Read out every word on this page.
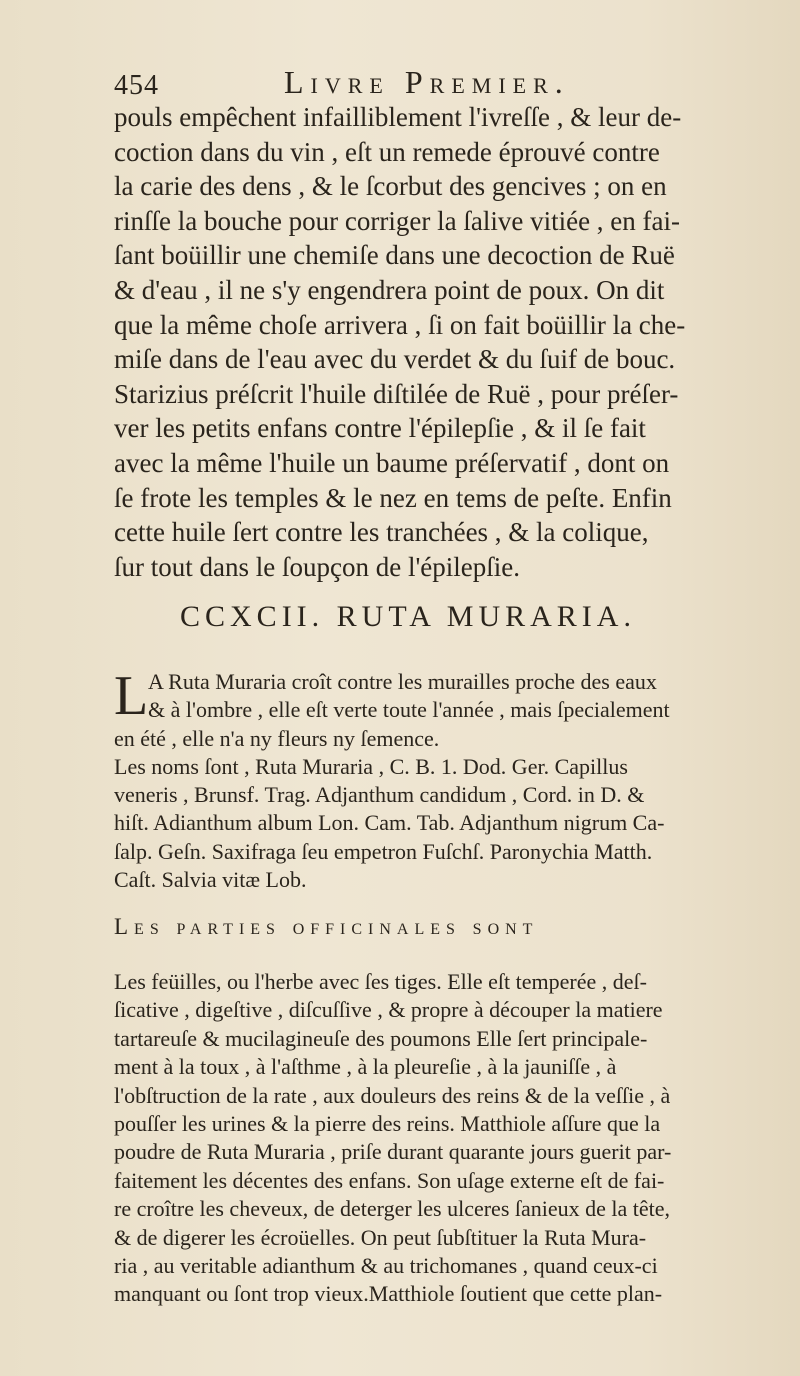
454	Livre Premier.
pouls empêchent infailliblement l'ivreſſe , & leur de-
coction dans du vin , eſt un remede éprouvé contre
la carie des dens , & le ſcorbut des gencives ; on en
rinſſe la bouche pour corriger la ſalive vitiée , en fai-
ſant boüillir une chemiſe dans une decoction de Ruë
& d'eau , il ne s'y engendrera point de poux. On dit
que la même choſe arrivera , ſi on fait boüillir la che-
miſe dans de l'eau avec du verdet & du ſuif de bouc.
Starizius préſcrit l'huile diſtilée de Ruë , pour préſer-
ver les petits enfans contre l'épilepſie , & il ſe fait
avec la même l'huile un baume préſervatif , dont on
ſe frote les temples & le nez en tems de peſte. Enfin
cette huile ſert contre les tranchées , & la colique,
ſur tout dans le ſoupçon de l'épilepſie.
CCXCII. RUTA MURARIA.
L A Ruta Muraria croît contre les murailles proche des eaux
& à l'ombre , elle eſt verte toute l'année , mais ſpecialement
en été , elle n'a ny fleurs ny ſemence.
Les noms ſont , Ruta Muraria , C. B. 1. Dod. Ger. Capillus
veneris , Brunsf. Trag. Adjanthum candidum , Cord. in D. &
hiſt. Adianthum album Lon. Cam. Tab. Adjanthum nigrum Ca-
ſalp. Geſn. Saxifraga ſeu empetron Fuſchſ. Paronychia Matth.
Caſt. Salvia vitæ Lob.
Les parties officinales sont
Les feüilles, ou l'herbe avec ſes tiges. Elle eſt temperée , deſ-
ſicative , digeſtive , diſcuſſive , & propre à découper la matiere
tartareuſe & mucilagineuſe des poumons Elle ſert principale-
ment à la toux , à l'aſthme , à la pleureſie , à la jauniſſe , à
l'obſtruction de la rate , aux douleurs des reins & de la veſſie , à
pouſſer les urines & la pierre des reins. Matthiole aſſure que la
poudre de Ruta Muraria , priſe durant quarante jours guerit par-
faitement les décentes des enfans. Son uſage externe eſt de fai-
re croître les cheveux, de deterger les ulceres ſanieux de la tête,
& de digerer les écroüelles. On peut ſubſtituer la Ruta Mura-
ria , au veritable adianthum & au trichomanes , quand ceux-ci
manquant ou ſont trop vieux.Matthiole ſoutient que cette plan-
